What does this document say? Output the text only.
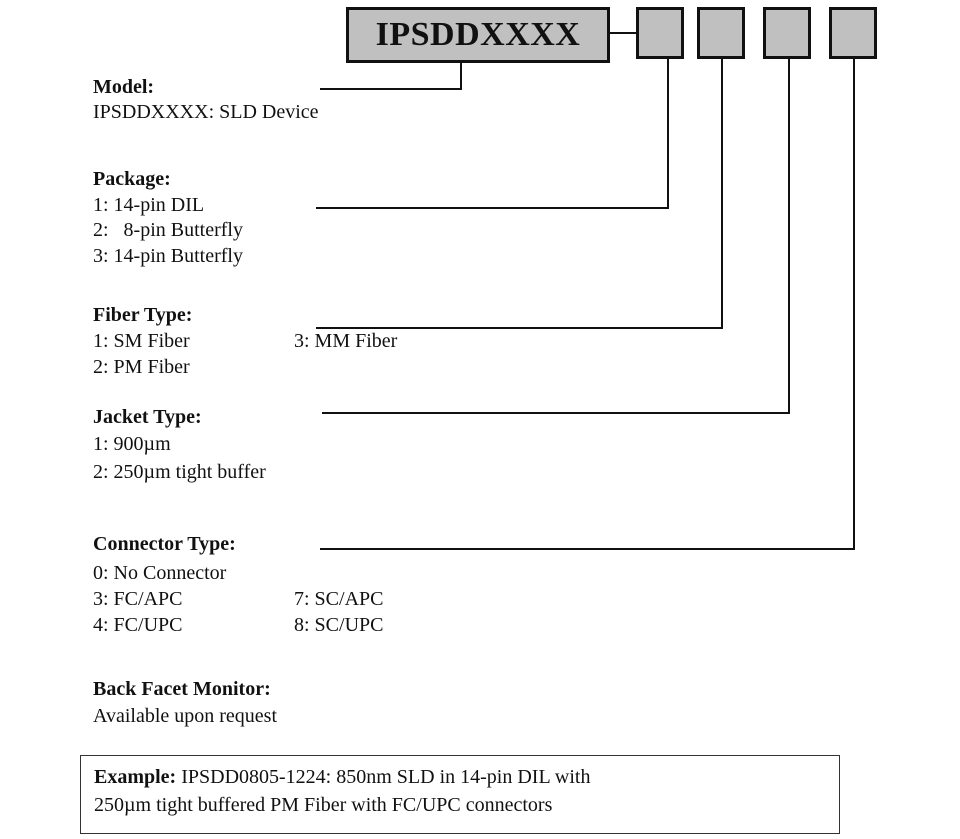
IPSDDXXXX
Model:
IPSDDXXXX: SLD Device
Package:
1: 14-pin DIL
2:   8-pin Butterfly
3: 14-pin Butterfly
Fiber Type:
1: SM Fiber
2: PM Fiber
3: MM Fiber
Jacket Type:
1: 900µm
2: 250µm tight buffer
Connector Type:
0: No Connector
3: FC/APC
4: FC/UPC
7: SC/APC
8: SC/UPC
Back Facet Monitor:
Available upon request
Example: IPSDD0805-1224: 850nm SLD in 14-pin DIL with
250µm tight buffered PM Fiber with FC/UPC connectors
